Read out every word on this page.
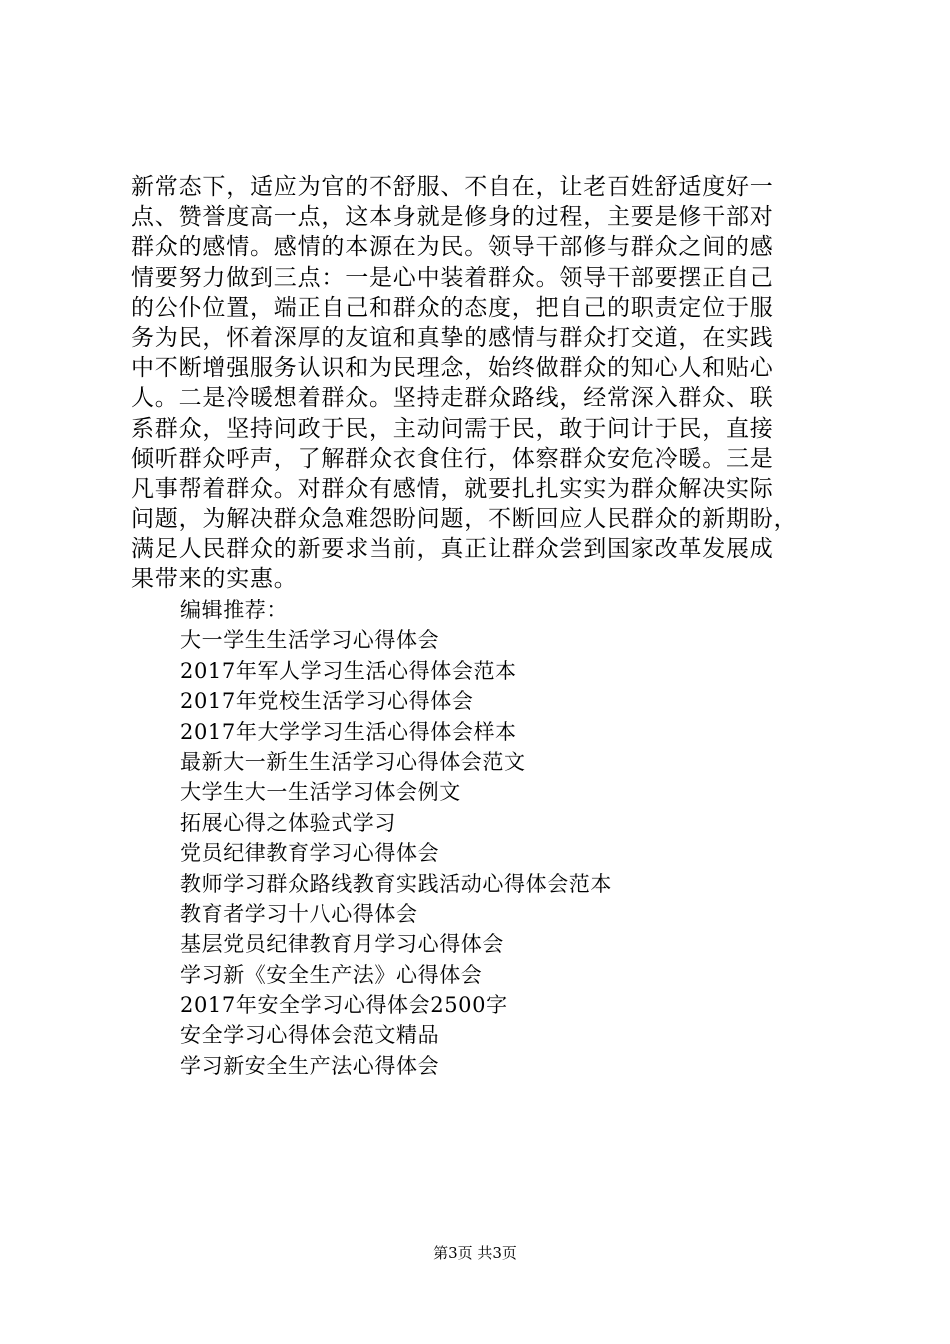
新常态下，适应为官的不舒服、不自在，让老百姓舒适度好一
点、赞誉度高一点，这本身就是修身的过程，主要是修干部对
群众的感情。感情的本源在为民。领导干部修与群众之间的感
情要努力做到三点：一是心中装着群众。领导干部要摆正自己
的公仆位置，端正自己和群众的态度，把自己的职责定位于服
务为民，怀着深厚的友谊和真挚的感情与群众打交道，在实践
中不断增强服务认识和为民理念，始终做群众的知心人和贴心
人。二是冷暖想着群众。坚持走群众路线，经常深入群众、联
系群众，坚持问政于民，主动问需于民，敢于问计于民，直接
倾听群众呼声，了解群众衣食住行，体察群众安危冷暖。三是
凡事帮着群众。对群众有感情，就要扎扎实实为群众解决实际
问题，为解决群众急难怨盼问题，不断回应人民群众的新期盼，
满足人民群众的新要求当前，真正让群众尝到国家改革发展成
果带来的实惠。
编辑推荐：
大一学生生活学习心得体会
2017年军人学习生活心得体会范本
2017年党校生活学习心得体会
2017年大学学习生活心得体会样本
最新大一新生生活学习心得体会范文
大学生大一生活学习体会例文
拓展心得之体验式学习
党员纪律教育学习心得体会
教师学习群众路线教育实践活动心得体会范本
教育者学习十八心得体会
基层党员纪律教育月学习心得体会
学习新《安全生产法》心得体会
2017年安全学习心得体会2500字
安全学习心得体会范文精品
学习新安全生产法心得体会
第3页 共3页
